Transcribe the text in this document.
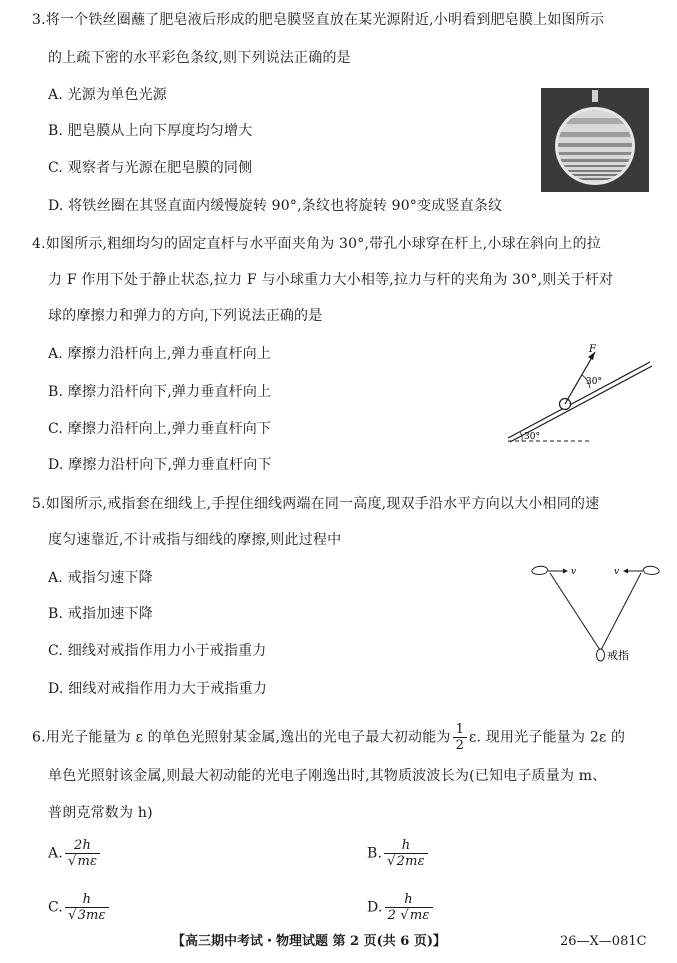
3.将一个铁丝圈蘸了肥皂液后形成的肥皂膜竖直放在某光源附近,小明看到肥皂膜上如图所示
的上疏下密的水平彩色条纹,则下列说法正确的是
A. 光源为单色光源
B. 肥皂膜从上向下厚度均匀增大
C. 观察者与光源在肥皂膜的同侧
D. 将铁丝圈在其竖直面内缓慢旋转 90°,条纹也将旋转 90°变成竖直条纹
4.如图所示,粗细均匀的固定直杆与水平面夹角为 30°,带孔小球穿在杆上,小球在斜向上的拉
力 F 作用下处于静止状态,拉力 F 与小球重力大小相等,拉力与杆的夹角为 30°,则关于杆对
球的摩擦力和弹力的方向,下列说法正确的是
A. 摩擦力沿杆向上,弹力垂直杆向上
B. 摩擦力沿杆向下,弹力垂直杆向上
C. 摩擦力沿杆向上,弹力垂直杆向下
D. 摩擦力沿杆向下,弹力垂直杆向下
F
30°
30°
5.如图所示,戒指套在细线上,手捏住细线两端在同一高度,现双手沿水平方向以大小相同的速
度匀速靠近,不计戒指与细线的摩擦,则此过程中
A. 戒指匀速下降
B. 戒指加速下降
C. 细线对戒指作用力小于戒指重力
D. 细线对戒指作用力大于戒指重力
v	v
戒指
6.用光子能量为 ε 的单色光照射某金属,逸出的光电子最大初动能为 $\frac{1}{2} \varepsilon$. 现用光子能量为 2ε 的
单色光照射该金属,则最大初动能的光电子刚逸出时,其物质波波长为(已知电子质量为 m、
普朗克常数为 h)
A. $\frac{2h}{√m\varepsilon}$	B. $\frac{h}{√2m\varepsilon}$
C. $\frac{h}{√3m\varepsilon}$	D. $\frac{h}{2 √m\varepsilon}$
【高三期中考试・物理试题 第 2 页(共 6 页)】	26—X—081C
